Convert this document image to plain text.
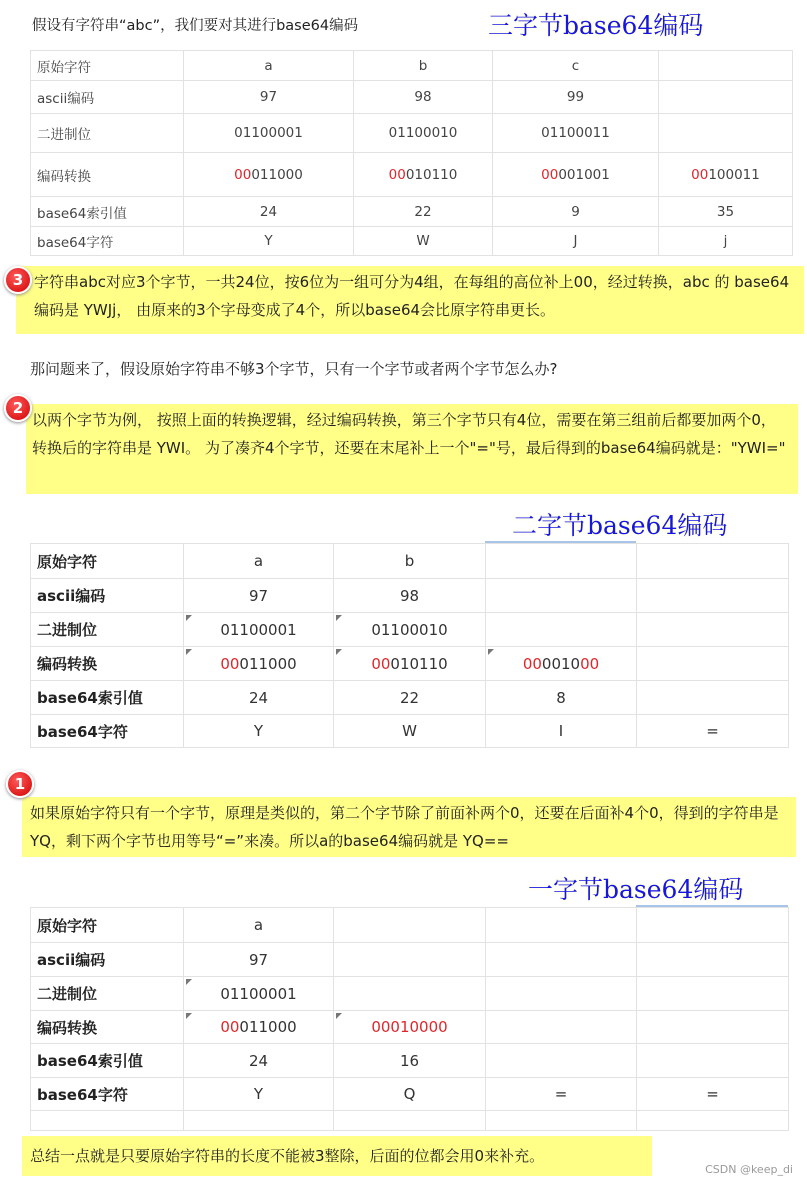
假设有字符串“abc”，我们要对其进行base64编码	三字节base64编码
原始字符	a	b	c	
ascii编码	97	98	99	
二进制位	01100001	01100010	01100011	
编码转换	00011000	00010110	00001001	00100011
base64索引值	24	22	9	35
base64字符	Y	W	J	j
3 字符串abc对应3个字节，一共24位，按6位为一组可分为4组，在每组的高位补上00，经过转换，abc 的 base64 编码是 YWJj， 由原来的3个字母变成了4个，所以base64会比原字符串更长。
那问题来了，假设原始字符串不够3个字节，只有一个字节或者两个字节怎么办?
2
以两个字节为例， 按照上面的转换逻辑，经过编码转换，第三个字节只有4位，需要在第三组前后都要加两个0，转换后的字符串是 YWI。 为了凑齐4个字节，还要在末尾补上一个"="号，最后得到的base64编码就是："YWI="
二字节base64编码
原始字符	a	b		
ascii编码	97	98		
二进制位	01100001	01100010		
编码转换	00011000	00010110	00001000	
base64索引值	24	22	8	
base64字符	Y	W	I	=
1
如果原始字符只有一个字节，原理是类似的，第二个字节除了前面补两个0，还要在后面补4个0，得到的字符串是YQ，剩下两个字节也用等号“=”来凑。所以a的base64编码就是 YQ==
一字节base64编码
原始字符	a			
ascii编码	97			
二进制位	01100001			
编码转换	00011000	00010000		
base64索引值	24	16		
base64字符	Y	Q	=	=

总结一点就是只要原始字符串的长度不能被3整除，后面的位都会用0来补充。
CSDN @keep_di
